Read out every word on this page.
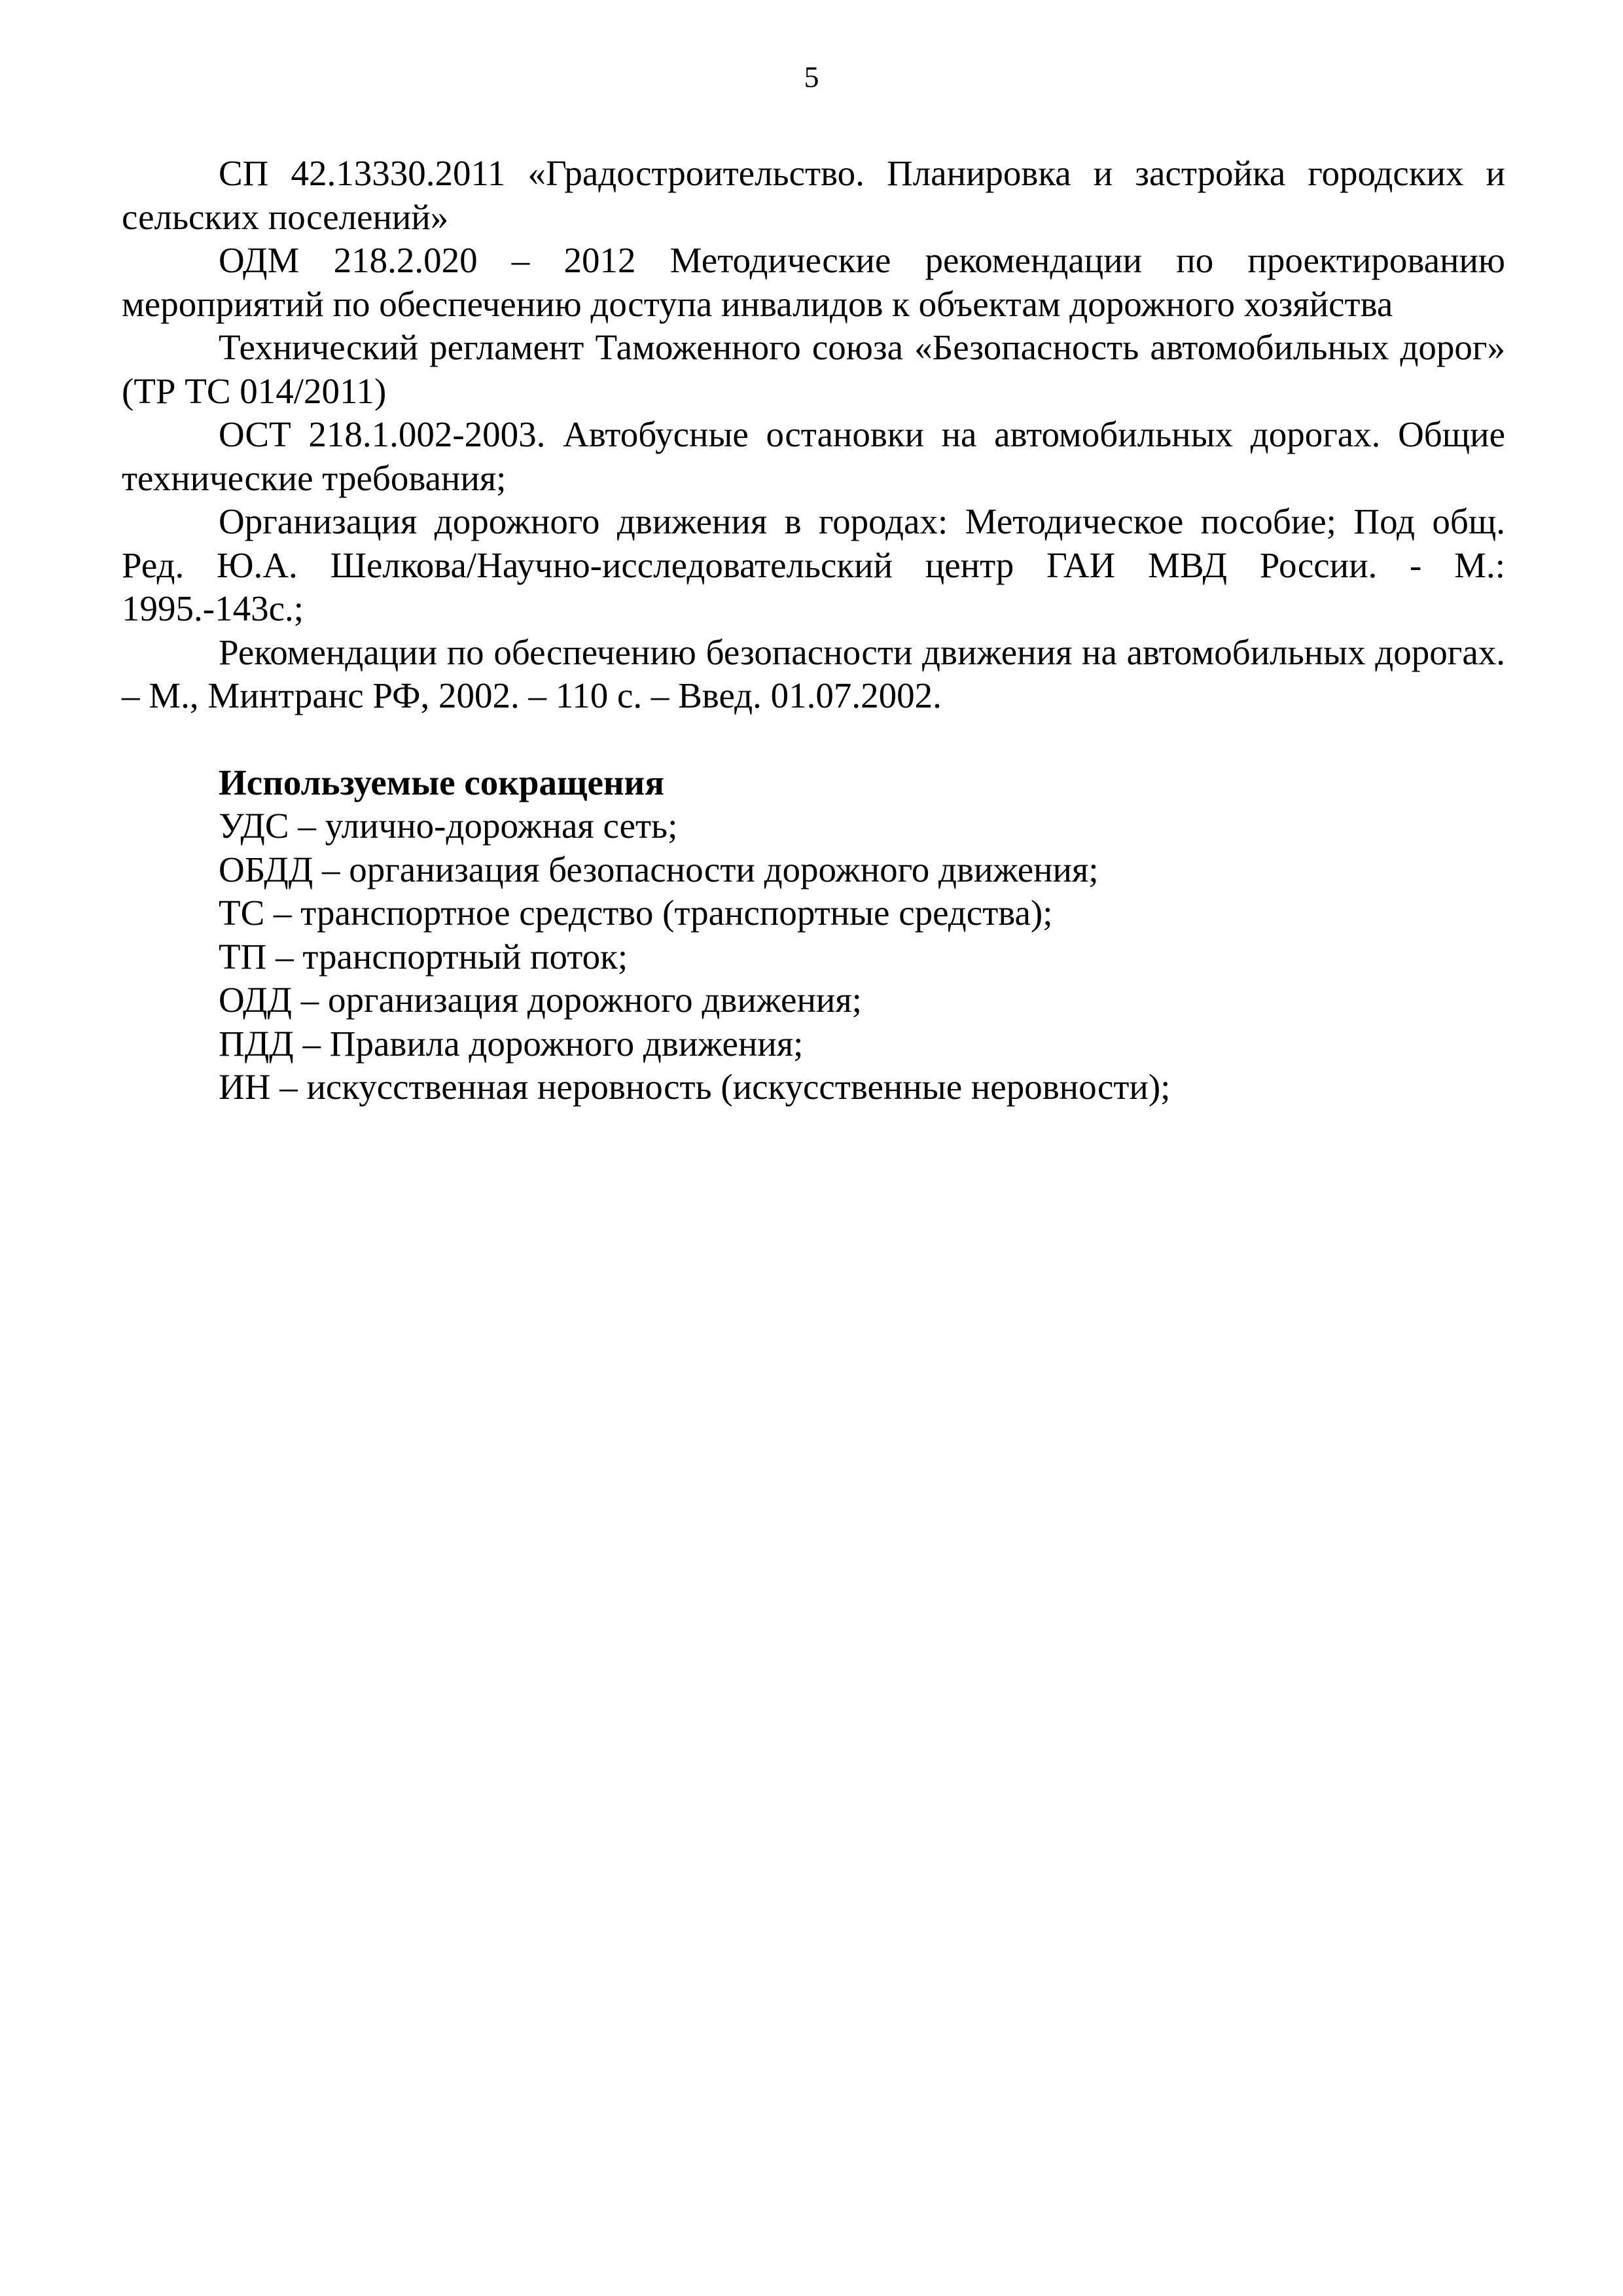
5

СП 42.13330.2011 «Градостроительство. Планировка и застройка городских и сельских поселений»

ОДМ 218.2.020 – 2012 Методические рекомендации по проектированию мероприятий по обеспечению доступа инвалидов к объектам дорожного хозяйства

Технический регламент Таможенного союза «Безопасность автомобильных дорог» (ТР ТС 014/2011)

ОСТ 218.1.002-2003. Автобусные остановки на автомобильных дорогах. Общие технические требования;

Организация дорожного движения в городах: Методическое пособие; Под общ. Ред. Ю.А. Шелкова/Научно-исследовательский центр ГАИ МВД России. - М.: 1995.-143с.;

Рекомендации по обеспечению безопасности движения на автомобильных дорогах. – М., Минтранс РФ, 2002. – 110 с. – Введ. 01.07.2002.

Используемые сокращения

УДС – улично-дорожная сеть;
ОБДД – организация безопасности дорожного движения;
ТС – транспортное средство (транспортные средства);
ТП – транспортный поток;
ОДД – организация дорожного движения;
ПДД – Правила дорожного движения;
ИН – искусственная неровность (искусственные неровности);
